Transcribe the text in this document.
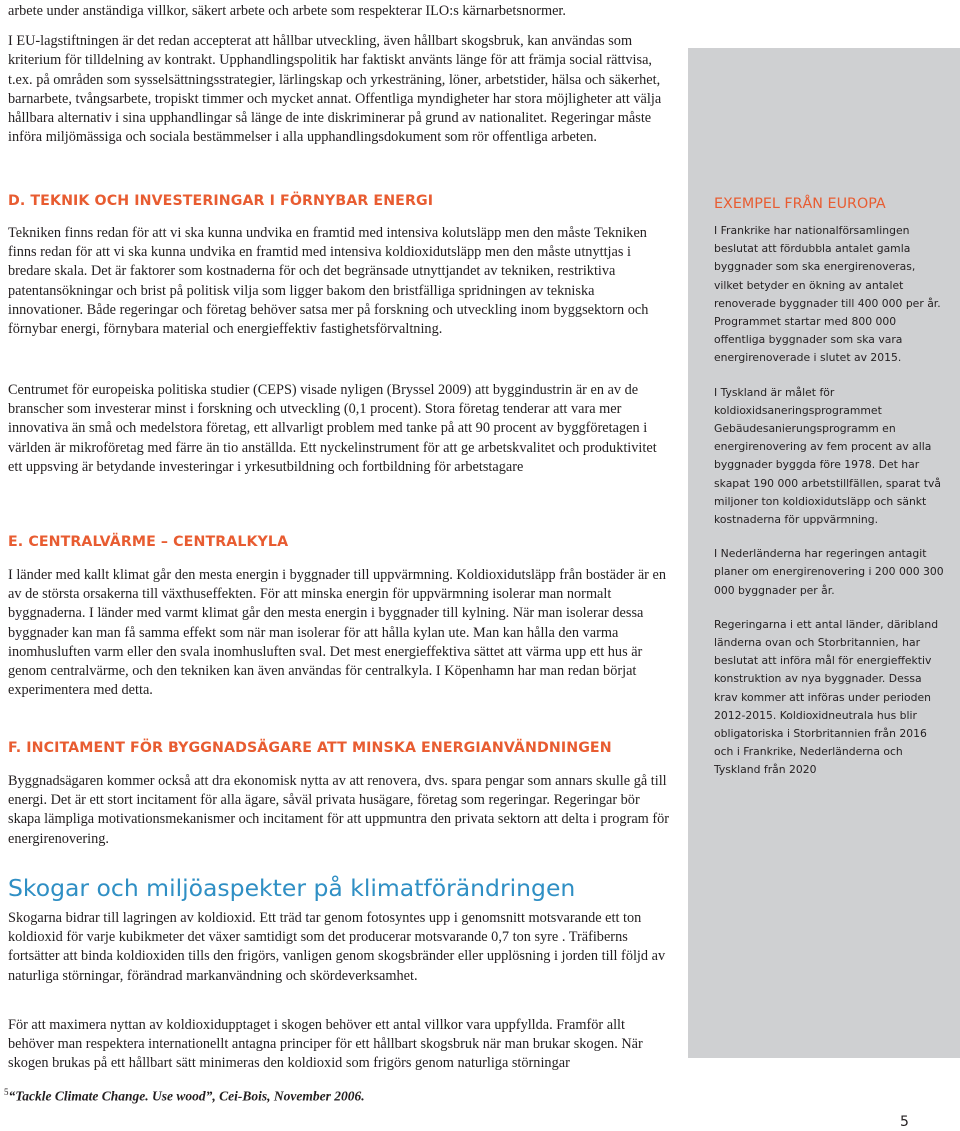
arbete under anständiga villkor, säkert arbete och arbete som respekterar ILO:s kärnarbetsnormer.

I EU-lagstiftningen är det redan accepterat att hållbar utveckling, även hållbart skogsbruk, kan användas som kriterium för tilldelning av kontrakt. Upphandlingspolitik har faktiskt använts länge för att främja social rättvisa, t.ex. på områden som sysselsättningsstrategier, lärlingskap och yrkesträning, löner, arbetstider, hälsa och säkerhet, barnarbete, tvångsarbete, tropiskt timmer och mycket annat. Offentliga myndigheter har stora möjligheter att välja hållbara alternativ i sina upphandlingar så länge de inte diskriminerar på grund av nationalitet. Regeringar måste införa miljömässiga och sociala bestämmelser i alla upphandlingsdokument som rör offentliga arbeten.

D. TEKNIK OCH INVESTERINGAR I FÖRNYBAR ENERGI

Tekniken finns redan för att vi ska kunna undvika en framtid med intensiva kolutsläpp men den måste Tekniken finns redan för att vi ska kunna undvika en framtid med intensiva koldioxidutsläpp men den måste utnyttjas i bredare skala. Det är faktorer som kostnaderna för och det begränsade utnyttjandet av tekniken, restriktiva patentansökningar och brist på politisk vilja som ligger bakom den bristfälliga spridningen av tekniska innovationer. Både regeringar och företag behöver satsa mer på forskning och utveckling inom byggsektorn och förnybar energi, förnybara material och energieffektiv fastighetsförvaltning.

Centrumet för europeiska politiska studier (CEPS) visade nyligen (Bryssel 2009) att byggindustrin är en av de branscher som investerar minst i forskning och utveckling (0,1 procent). Stora företag tenderar att vara mer innovativa än små och medelstora företag, ett allvarligt problem med tanke på att 90 procent av byggföretagen i världen är mikroföretag med färre än tio anställda. Ett nyckelinstrument för att ge arbetskvalitet och produktivitet ett uppsving är betydande investeringar i yrkesutbildning och fortbildning för arbetstagare

E. CENTRALVÄRME – CENTRALKYLA

I länder med kallt klimat går den mesta energin i byggnader till uppvärmning. Koldioxidutsläpp från bostäder är en av de största orsakerna till växthuseffekten. För att minska energin för uppvärmning isolerar man normalt byggnaderna. I länder med varmt klimat går den mesta energin i byggnader till kylning. När man isolerar dessa byggnader kan man få samma effekt som när man isolerar för att hålla kylan ute. Man kan hålla den varma inomhusluften varm eller den svala inomhusluften sval. Det mest energieffektiva sättet att värma upp ett hus är genom centralvärme, och den tekniken kan även användas för centralkyla. I Köpenhamn har man redan börjat experimentera med detta.

F. INCITAMENT FÖR BYGGNADSÄGARE ATT MINSKA ENERGIANVÄNDNINGEN

Byggnadsägaren kommer också att dra ekonomisk nytta av att renovera, dvs. spara pengar som annars skulle gå till energi. Det är ett stort incitament för alla ägare, såväl privata husägare, företag som regeringar. Regeringar bör skapa lämpliga motivationsmekanismer och incitament för att uppmuntra den privata sektorn att delta i program för energirenovering.

Skogar och miljöaspekter på klimatförändringen

Skogarna bidrar till lagringen av koldioxid. Ett träd tar genom fotosyntes upp i genomsnitt motsvarande ett ton koldioxid för varje kubikmeter det växer samtidigt som det producerar motsvarande 0,7 ton syre . Träfiberns fortsätter att binda koldioxiden tills den frigörs, vanligen genom skogsbränder eller upplösning i jorden till följd av naturliga störningar, förändrad markanvändning och skördeverksamhet.

För att maximera nyttan av koldioxidupptaget i skogen behöver ett antal villkor vara uppfyllda. Framför allt behöver man respektera internationellt antagna principer för ett hållbart skogsbruk när man brukar skogen. När skogen brukas på ett hållbart sätt minimeras den koldioxid som frigörs genom naturliga störningar

EXEMPEL FRÅN EUROPA

I Frankrike har nationalförsamlingen beslutat att fördubbla antalet gamla byggnader som ska energirenoveras, vilket betyder en ökning av antalet renoverade byggnader till 400 000 per år. Programmet startar med 800 000 offentliga byggnader som ska vara energirenoverade i slutet av 2015.

I Tyskland är målet för koldioxidsaneringsprogrammet Gebäudesanierungsprogramm en energirenovering av fem procent av alla byggnader byggda före 1978. Det har skapat 190 000 arbetstillfällen, sparat två miljoner ton koldioxidutsläpp och sänkt kostnaderna för uppvärmning.

I Nederländerna har regeringen antagit planer om energirenovering i 200 000 300 000 byggnader per år.

Regeringarna i ett antal länder, däribland länderna ovan och Storbritannien, har beslutat att införa mål för energieffektiv konstruktion av nya byggnader. Dessa krav kommer att införas under perioden 2012-2015. Koldioxidneutrala hus blir obligatoriska i Storbritannien från 2016 och i Frankrike, Nederländerna och Tyskland från 2020

$^5$“Tackle Climate Change. Use wood”, Cei-Bois, November 2006.

5
